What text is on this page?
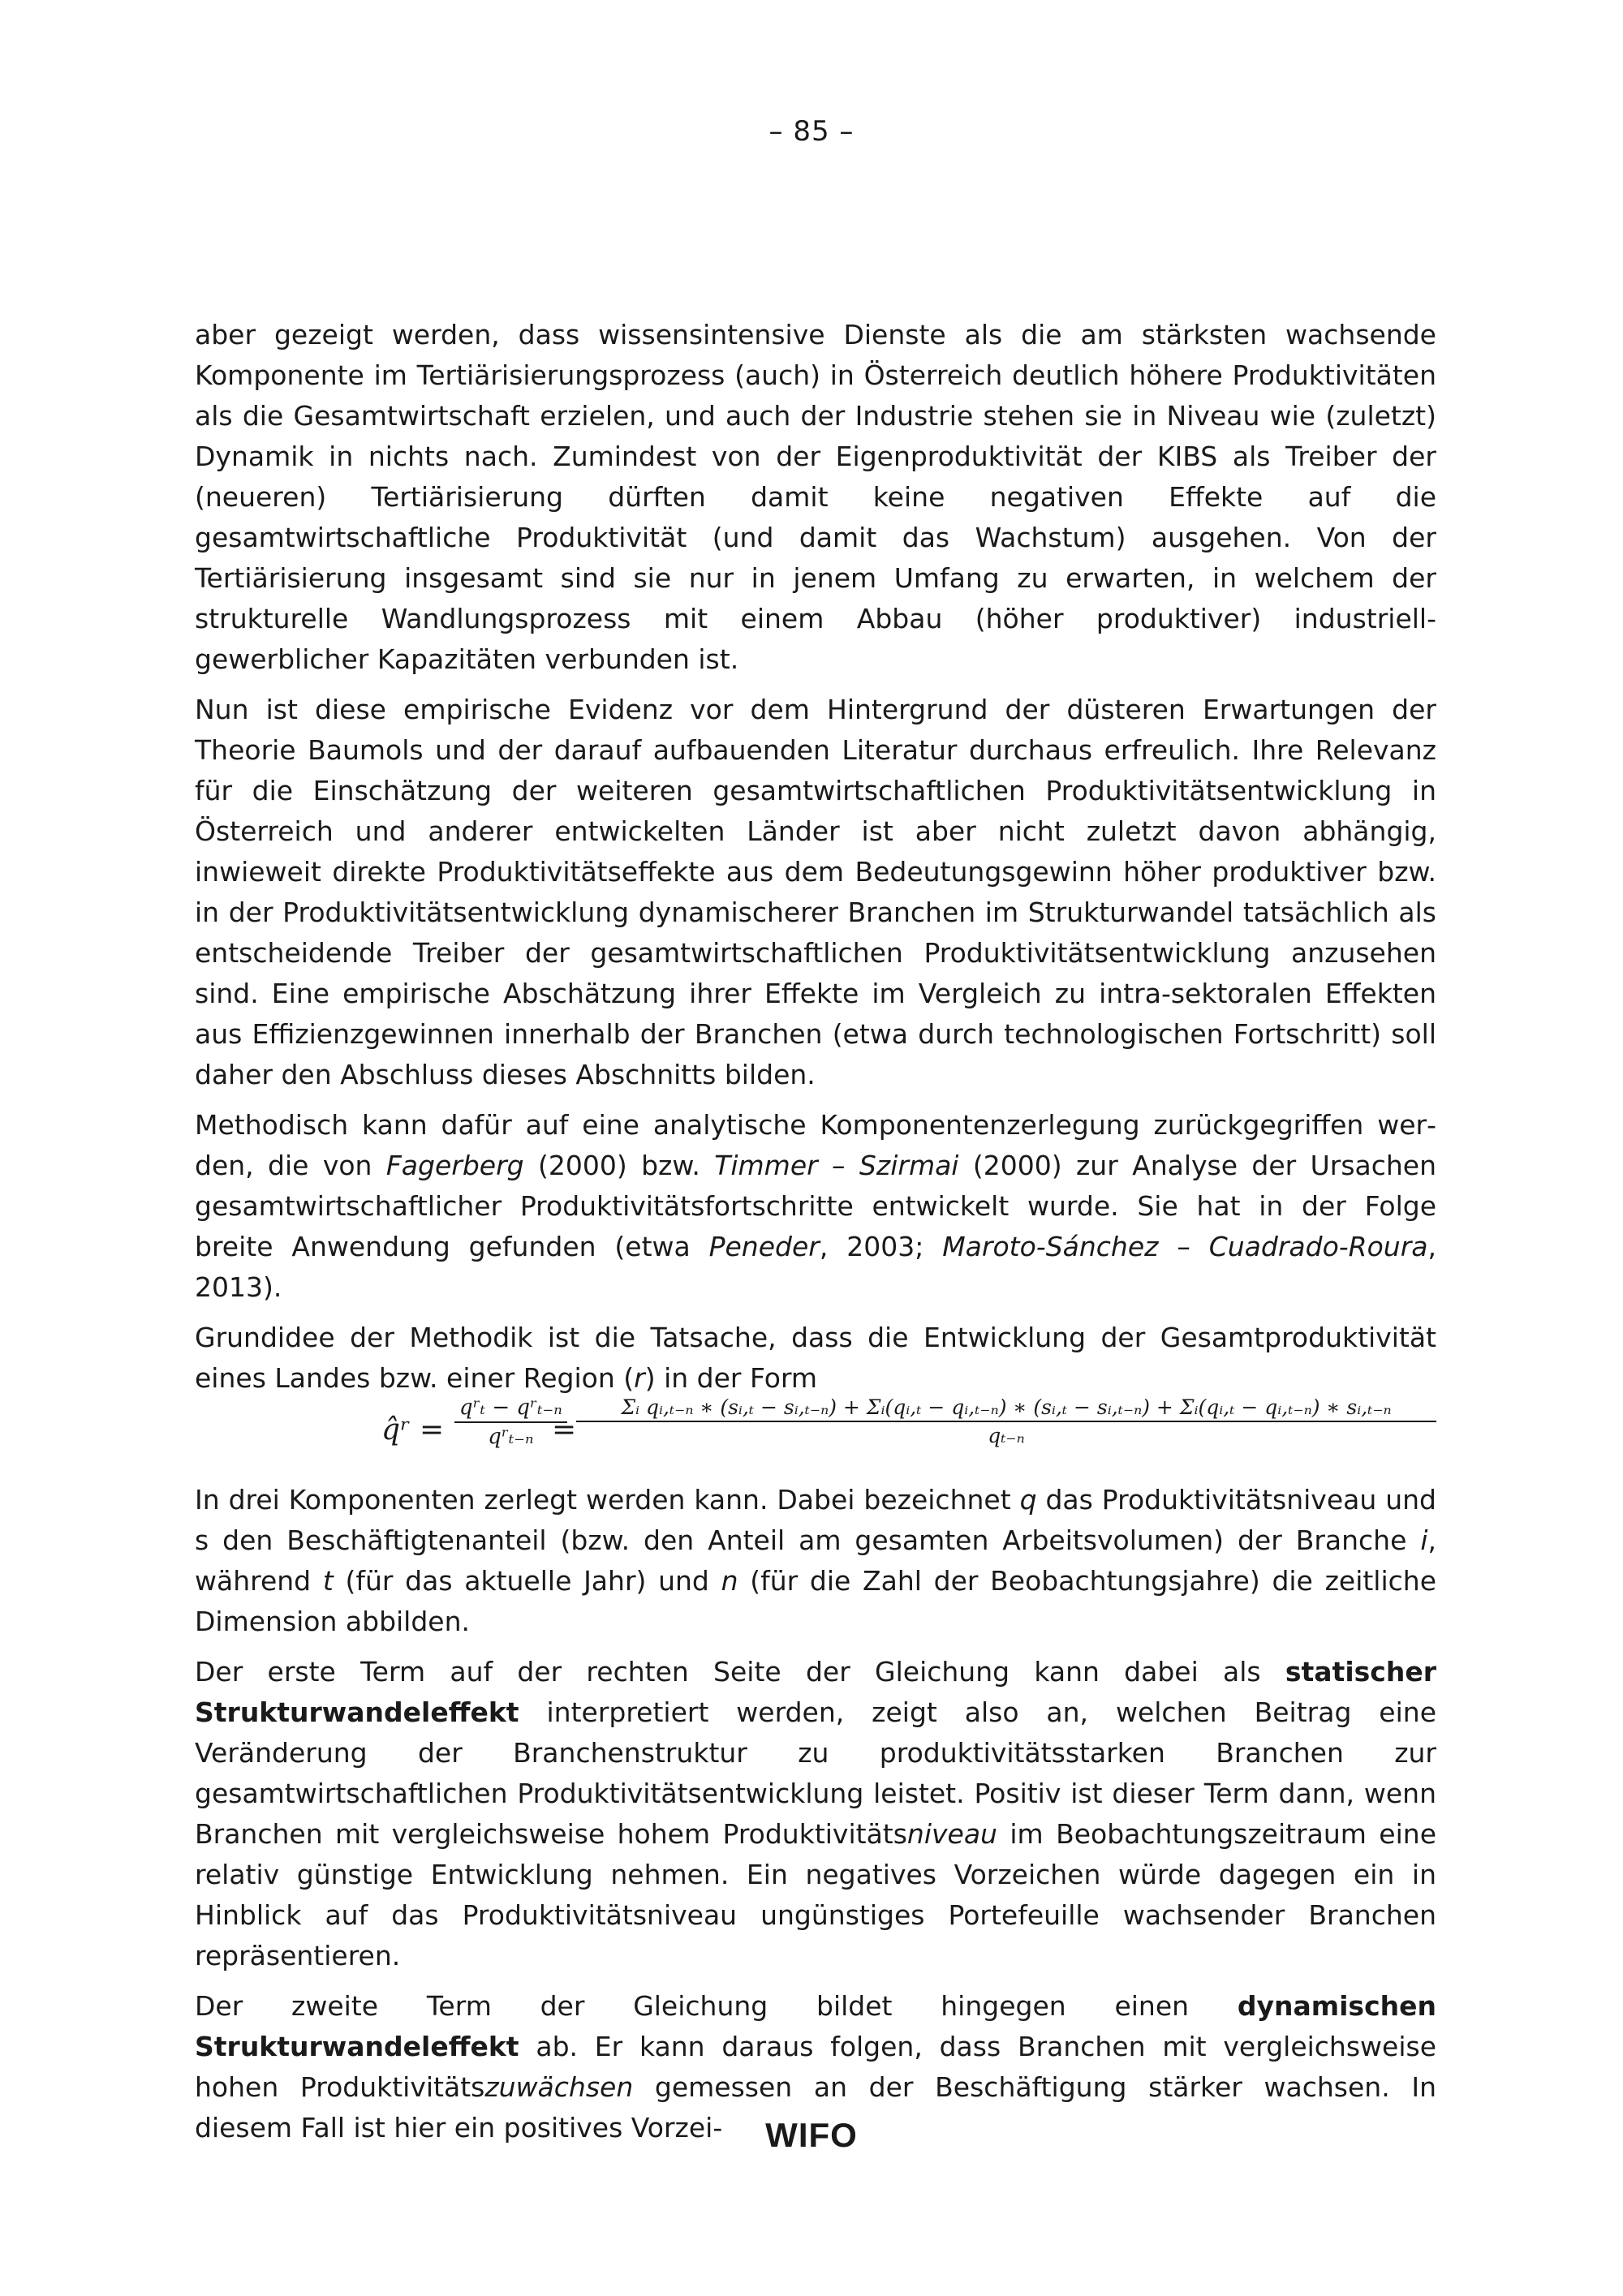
– 85 –

aber gezeigt werden, dass wissensintensive Dienste als die am stärksten wachsende Komponente im Tertiärisierungsprozess (auch) in Österreich deutlich höhere Produktivitäten als die Gesamtwirtschaft erzielen, und auch der Industrie stehen sie in Niveau wie (zuletzt) Dynamik in nichts nach. Zumindest von der Eigenproduktivität der KIBS als Treiber der (neueren) Tertiärisierung dürften damit keine negativen Effekte auf die gesamtwirtschaftliche Produktivität (und damit das Wachstum) ausgehen. Von der Tertiärisierung insgesamt sind sie nur in jenem Umfang zu erwarten, in welchem der strukturelle Wandlungsprozess mit einem Abbau (höher produktiver) industriell-gewerblicher Kapazitäten verbunden ist.

Nun ist diese empirische Evidenz vor dem Hintergrund der düsteren Erwartungen der Theorie Baumols und der darauf aufbauenden Literatur durchaus erfreulich. Ihre Relevanz für die Einschätzung der weiteren gesamtwirtschaftlichen Produktivitätsentwicklung in Österreich und anderer entwickelten Länder ist aber nicht zuletzt davon abhängig, inwieweit direkte Produktivitätseffekte aus dem Bedeutungsgewinn höher produktiver bzw. in der Produktivitätsentwicklung dynamischerer Branchen im Strukturwandel tatsächlich als entscheidende Treiber der gesamtwirtschaftlichen Produktivitätsentwicklung anzusehen sind. Eine empirische Abschätzung ihrer Effekte im Vergleich zu intra-sektoralen Effekten aus Effizienzgewinnen innerhalb der Branchen (etwa durch technologischen Fortschritt) soll daher den Abschluss dieses Abschnitts bilden.

Methodisch kann dafür auf eine analytische Komponentenzerlegung zurückgegriffen werden, die von Fagerberg (2000) bzw. Timmer – Szirmai (2000) zur Analyse der Ursachen gesamtwirtschaftlicher Produktivitätsfortschritte entwickelt wurde. Sie hat in der Folge breite Anwendung gefunden (etwa Peneder, 2003; Maroto-Sánchez – Cuadrado-Roura, 2013).

Grundidee der Methodik ist die Tatsache, dass die Entwicklung der Gesamtproduktivität eines Landes bzw. einer Region (r) in der Form

q̂ʳ =
qʳₜ − qʳₜ₋ₙ
qʳₜ₋ₙ =
Σᵢ qᵢ,ₜ₋ₙ ∗ (sᵢ,ₜ − sᵢ,ₜ₋ₙ) + Σᵢ(qᵢ,ₜ − qᵢ,ₜ₋ₙ) ∗ (sᵢ,ₜ − sᵢ,ₜ₋ₙ) + Σᵢ(qᵢ,ₜ − qᵢ,ₜ₋ₙ) ∗ sᵢ,ₜ₋ₙ
qₜ₋ₙ

In drei Komponenten zerlegt werden kann. Dabei bezeichnet q das Produktivitätsniveau und s den Beschäftigtenanteil (bzw. den Anteil am gesamten Arbeitsvolumen) der Branche i, während t (für das aktuelle Jahr) und n (für die Zahl der Beobachtungsjahre) die zeitliche Dimension abbilden.

Der erste Term auf der rechten Seite der Gleichung kann dabei als statischer Strukturwandeleffekt interpretiert werden, zeigt also an, welchen Beitrag eine Veränderung der Branchenstruktur zu produktivitätsstarken Branchen zur gesamtwirtschaftlichen Produktivitätsentwicklung leistet. Positiv ist dieser Term dann, wenn Branchen mit vergleichsweise hohem Produktivitätsniveau im Beobachtungszeitraum eine relativ günstige Entwicklung nehmen. Ein negatives Vorzeichen würde dagegen ein in Hinblick auf das Produktivitätsniveau ungünstiges Portefeuille wachsender Branchen repräsentieren.

Der zweite Term der Gleichung bildet hingegen einen dynamischen Strukturwandeleffekt ab. Er kann daraus folgen, dass Branchen mit vergleichsweise hohen Produktivitätszuwächsen gemessen an der Beschäftigung stärker wachsen. In diesem Fall ist hier ein positives Vorzei-	WIFO
